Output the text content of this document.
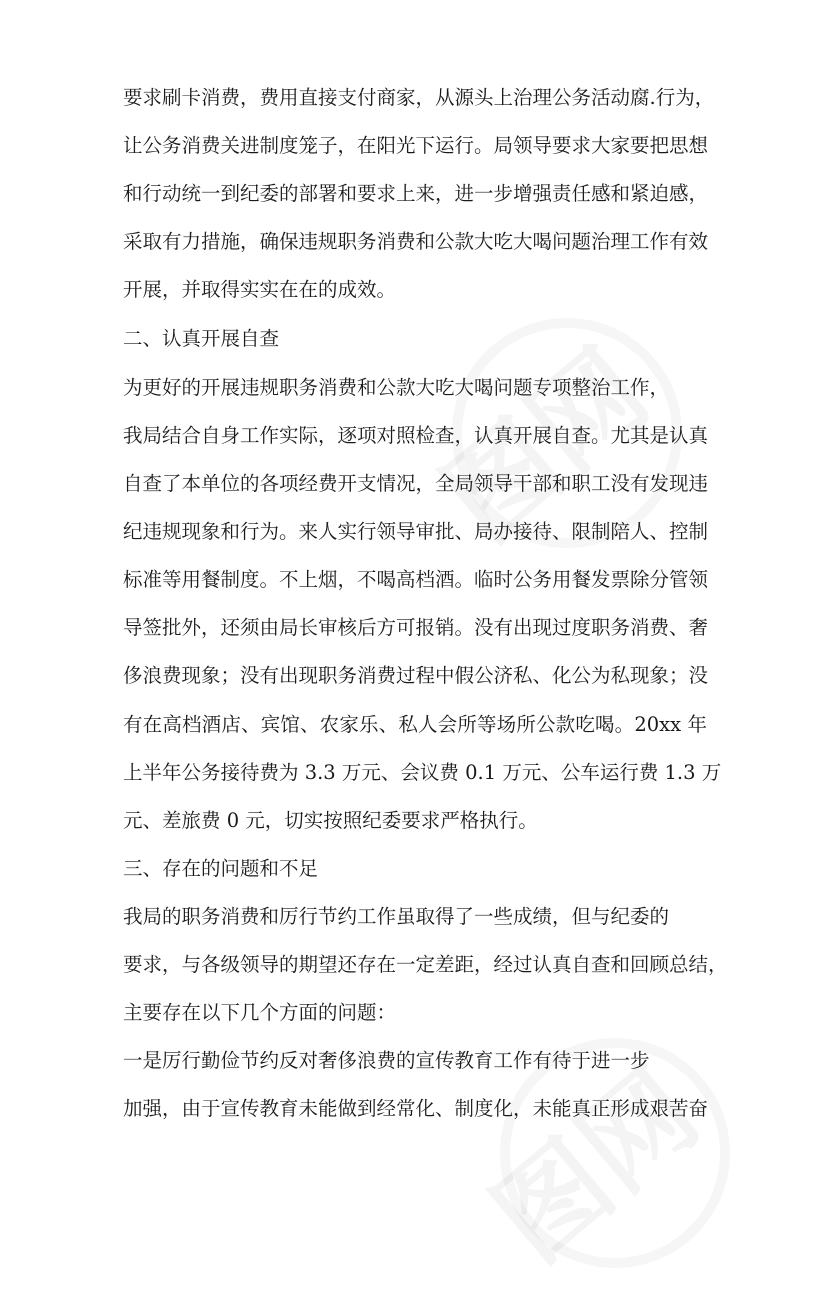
要求刷卡消费，费用直接支付商家，从源头上治理公务活动腐.行为，
让公务消费关进制度笼子，在阳光下运行。局领导要求大家要把思想
和行动统一到纪委的部署和要求上来，进一步增强责任感和紧迫感，
采取有力措施，确保违规职务消费和公款大吃大喝问题治理工作有效
开展，并取得实实在在的成效。
二、认真开展自查
为更好的开展违规职务消费和公款大吃大喝问题专项整治工作，
我局结合自身工作实际，逐项对照检查，认真开展自查。尤其是认真
自查了本单位的各项经费开支情况，全局领导干部和职工没有发现违
纪违规现象和行为。来人实行领导审批、局办接待、限制陪人、控制
标准等用餐制度。不上烟，不喝高档酒。临时公务用餐发票除分管领
导签批外，还须由局长审核后方可报销。没有出现过度职务消费、奢
侈浪费现象；没有出现职务消费过程中假公济私、化公为私现象；没
有在高档酒店、宾馆、农家乐、私人会所等场所公款吃喝。20xx 年
上半年公务接待费为 3.3 万元、会议费 0.1 万元、公车运行费 1.3 万
元、差旅费 0 元，切实按照纪委要求严格执行。
三、存在的问题和不足
我局的职务消费和厉行节约工作虽取得了一些成绩，但与纪委的
要求，与各级领导的期望还存在一定差距，经过认真自查和回顾总结，
主要存在以下几个方面的问题：
一是厉行勤俭节约反对奢侈浪费的宣传教育工作有待于进一步
加强，由于宣传教育未能做到经常化、制度化，未能真正形成艰苦奋
